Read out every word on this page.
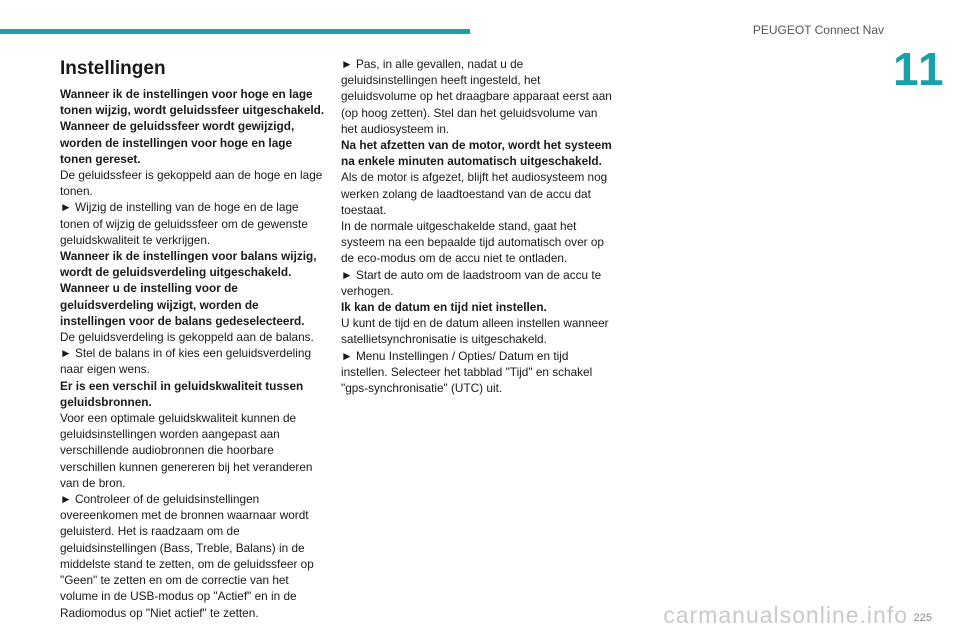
PEUGEOT Connect Nav
11
Instellingen

Wanneer ik de instellingen voor hoge en lage tonen wijzig, wordt geluidssfeer uitgeschakeld.

Wanneer de geluidssfeer wordt gewijzigd, worden de instellingen voor hoge en lage tonen gereset.

De geluidssfeer is gekoppeld aan de hoge en lage tonen.

► Wijzig de instelling van de hoge en de lage tonen of wijzig de geluidssfeer om de gewenste geluidskwaliteit te verkrijgen.

Wanneer ik de instellingen voor balans wijzig, wordt de geluidsverdeling uitgeschakeld.

Wanneer u de instelling voor de geluidsverdeling wijzigt, worden de instellingen voor de balans gedeselecteerd.

De geluidsverdeling is gekoppeld aan de balans.

► Stel de balans in of kies een geluidsverdeling naar eigen wens.

Er is een verschil in geluidskwaliteit tussen geluidsbronnen.

Voor een optimale geluidskwaliteit kunnen de geluidsinstellingen worden aangepast aan verschillende audiobronnen die hoorbare verschillen kunnen genereren bij het veranderen van de bron.

► Controleer of de geluidsinstellingen overeenkomen met de bronnen waarnaar wordt geluisterd. Het is raadzaam om de geluidsinstellingen (Bass, Treble, Balans) in de middelste stand te zetten, om de geluidssfeer op "Geen" te zetten en om de correctie van het volume in de USB-modus op "Actief" en in de Radiomodus op "Niet actief" te zetten.

► Pas, in alle gevallen, nadat u de geluidsinstellingen heeft ingesteld, het geluidsvolume op het draagbare apparaat eerst aan (op hoog zetten). Stel dan het geluidsvolume van het audiosysteem in.

Na het afzetten van de motor, wordt het systeem na enkele minuten automatisch uitgeschakeld.

Als de motor is afgezet, blijft het audiosysteem nog werken zolang de laadtoestand van de accu dat toestaat.

In de normale uitgeschakelde stand, gaat het systeem na een bepaalde tijd automatisch over op de eco-modus om de accu niet te ontladen.

► Start de auto om de laadstroom van de accu te verhogen.

Ik kan de datum en tijd niet instellen.

U kunt de tijd en de datum alleen instellen wanneer satellietsynchronisatie is uitgeschakeld.

► Menu Instellingen / Opties/ Datum en tijd instellen. Selecteer het tabblad "Tijd" en schakel "gps-synchronisatie" (UTC) uit.

carmanualsonline.info 225
